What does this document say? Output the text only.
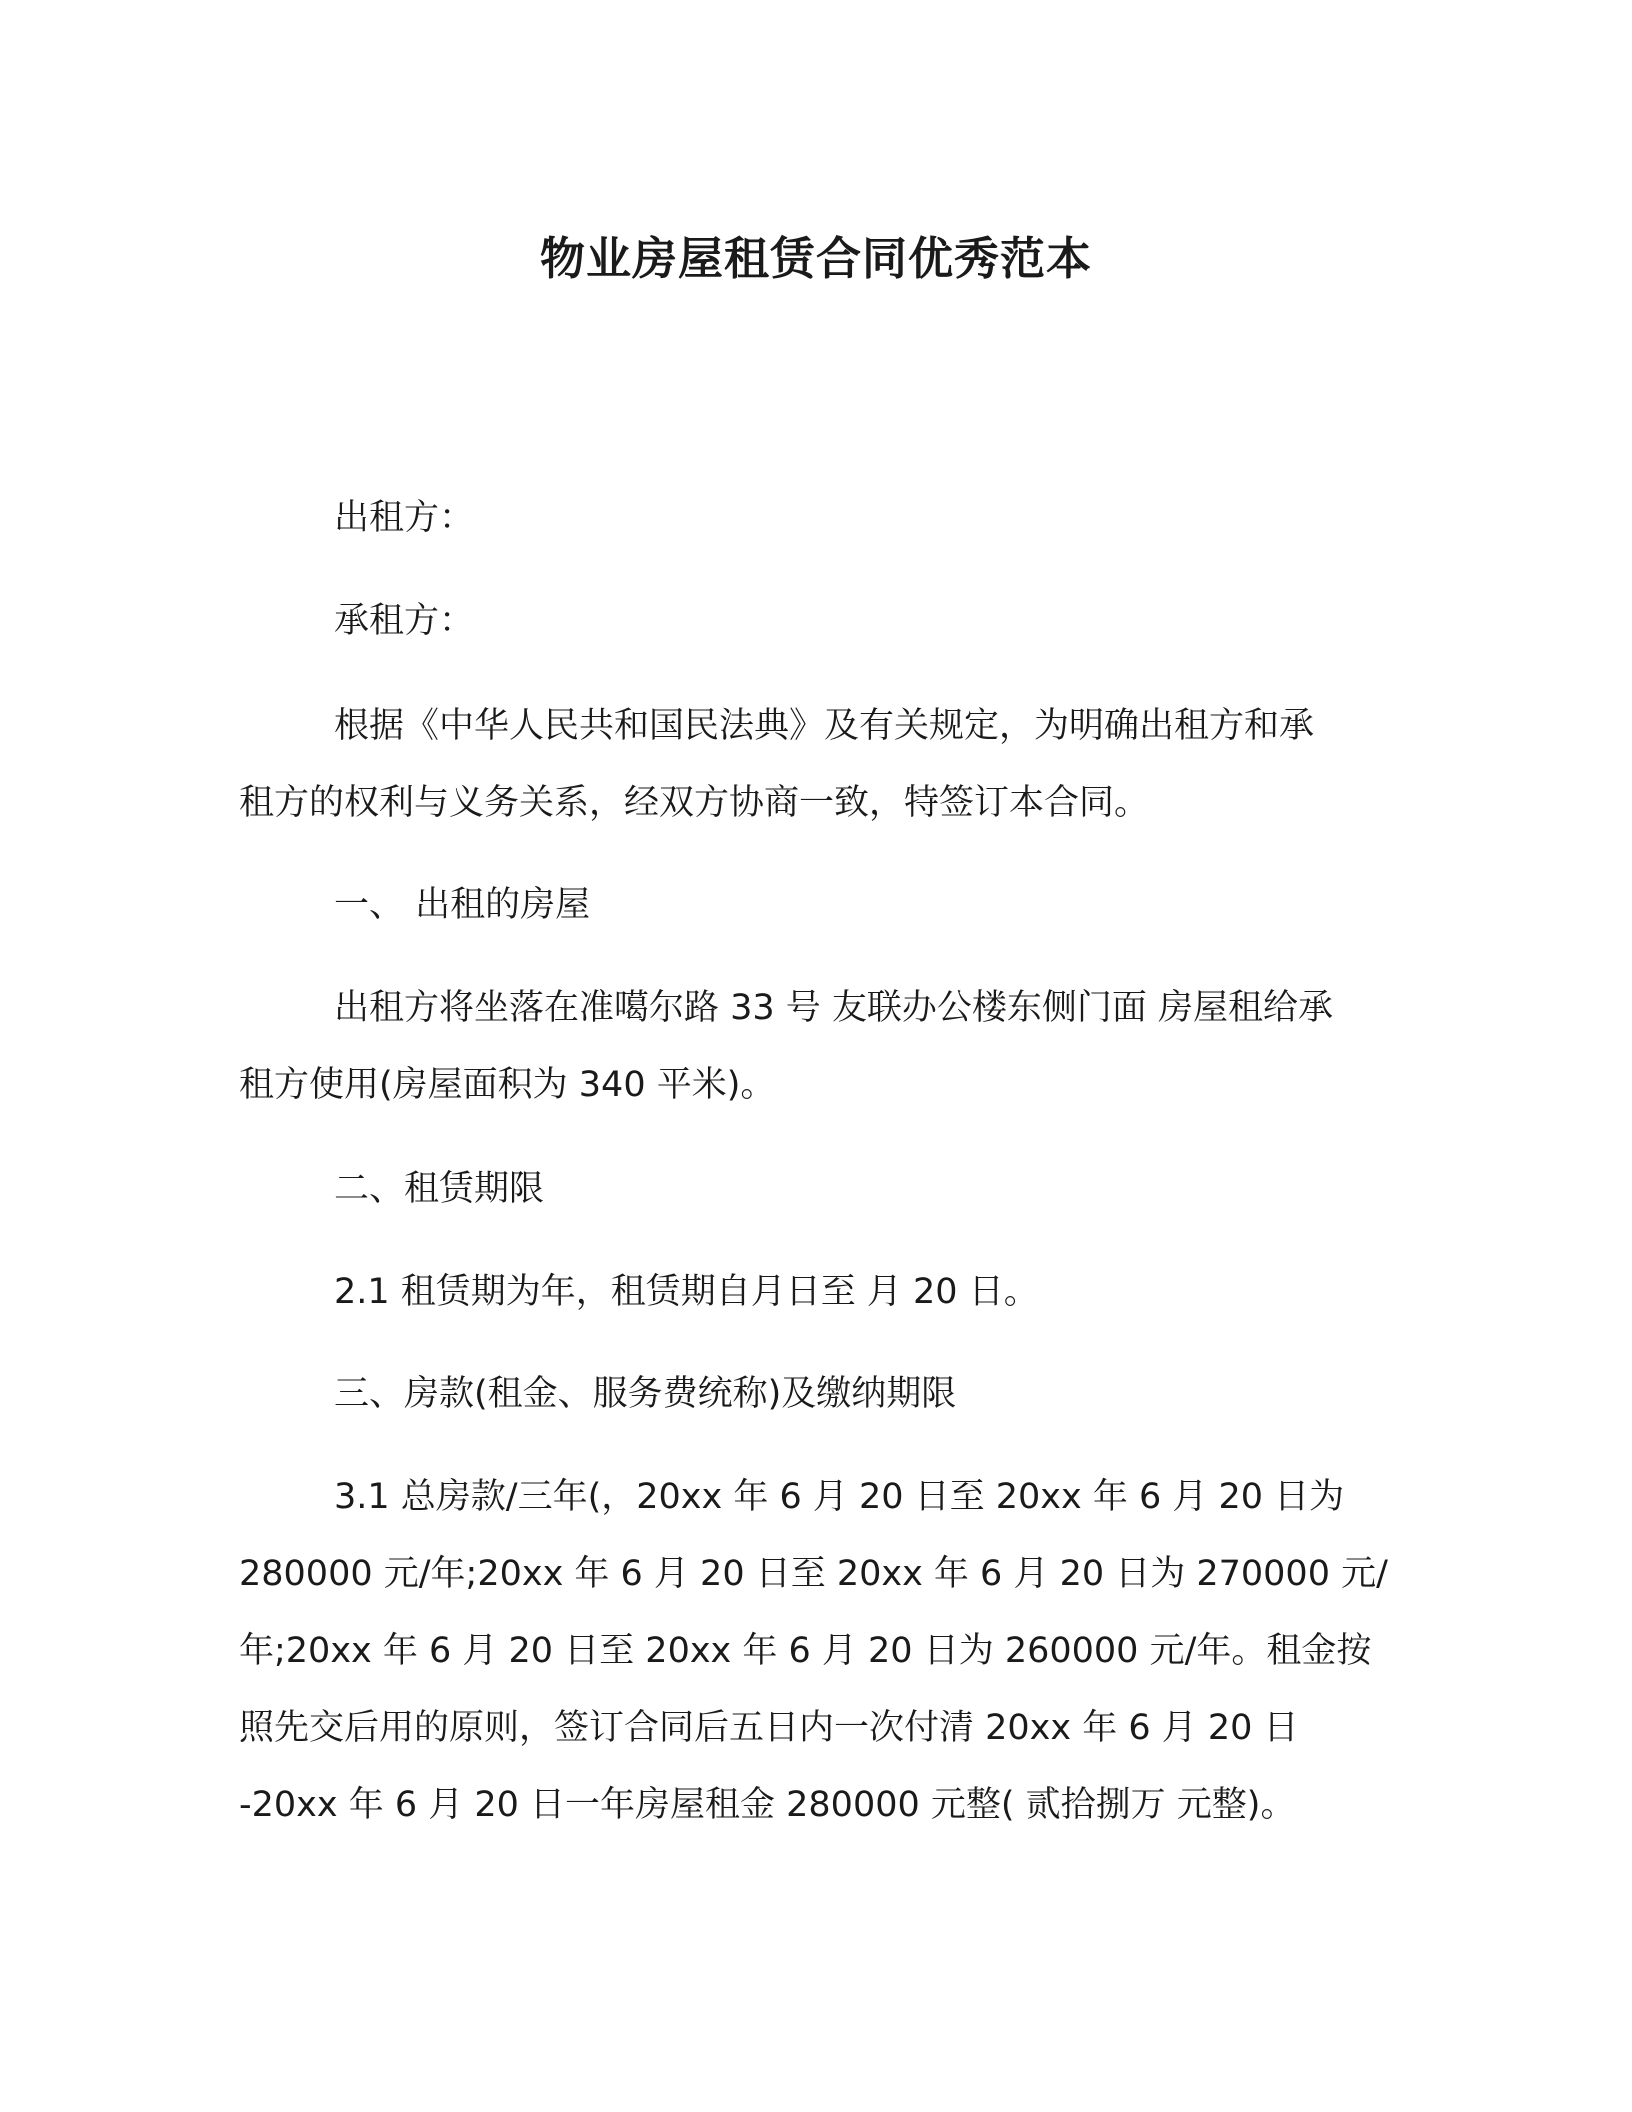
物业房屋租赁合同优秀范本
出租方：
承租方：
根据《中华人民共和国民法典》及有关规定，为明确出租方和承
租方的权利与义务关系，经双方协商一致，特签订本合同。
一、 出租的房屋
出租方将坐落在准噶尔路 33 号 友联办公楼东侧门面 房屋租给承
租方使用(房屋面积为 340 平米)。
二、租赁期限
2.1 租赁期为年，租赁期自月日至 月 20 日。
三、房款(租金、服务费统称)及缴纳期限
3.1 总房款/三年(，20xx 年 6 月 20 日至 20xx 年 6 月 20 日为
280000 元/年;20xx 年 6 月 20 日至 20xx 年 6 月 20 日为 270000 元/
年;20xx 年 6 月 20 日至 20xx 年 6 月 20 日为 260000 元/年。租金按
照先交后用的原则，签订合同后五日内一次付清 20xx 年 6 月 20 日
-20xx 年 6 月 20 日一年房屋租金 280000 元整( 贰拾捌万 元整)。
